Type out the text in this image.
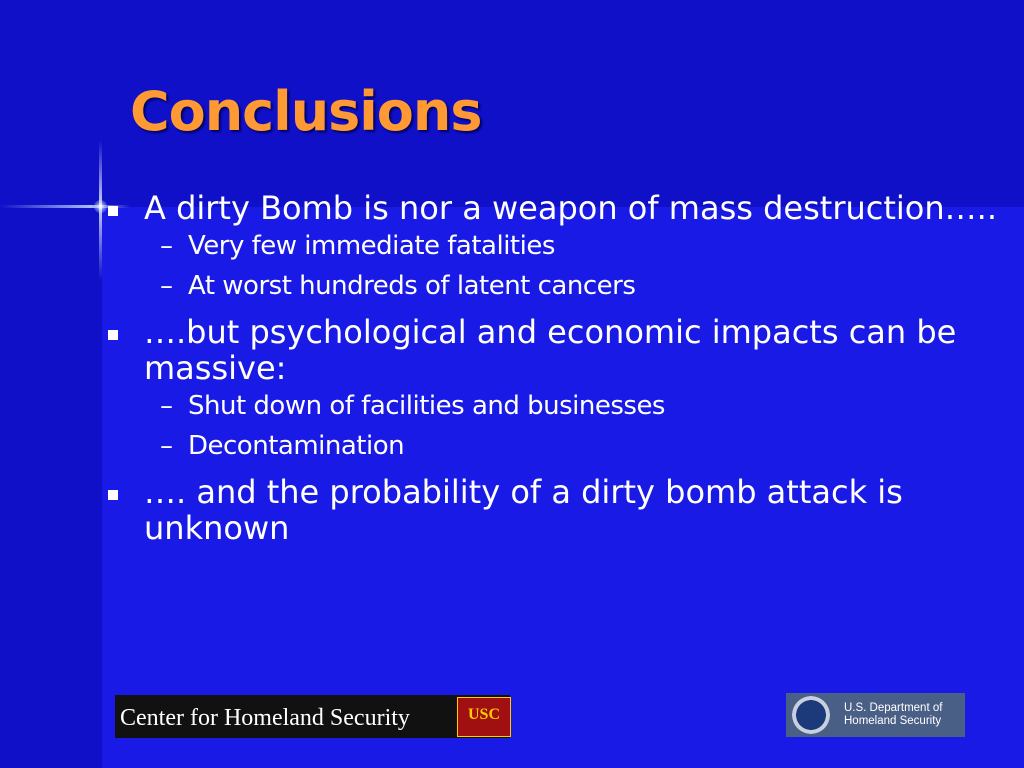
Conclusions
A dirty Bomb is nor a weapon of mass destruction…..
– Very few immediate fatalities
– At worst hundreds of latent cancers
….but psychological and economic impacts can be massive:
– Shut down of facilities and businesses
– Decontamination
…. and the probability of a dirty bomb attack is unknown
Center for Homeland Security	USC	U.S. Department of
Homeland Security
